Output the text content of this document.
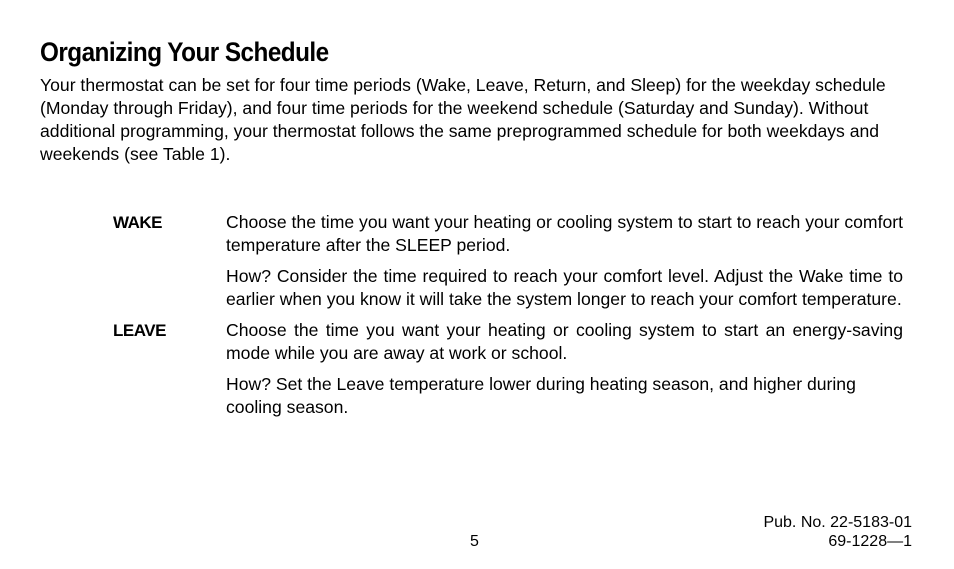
Organizing Your Schedule

Your thermostat can be set for four time periods (Wake, Leave, Return, and Sleep) for the weekday schedule (Monday through Friday), and four time periods for the weekend schedule (Saturday and Sunday). Without additional programming, your thermostat follows the same preprogrammed schedule for both weekdays and weekends (see Table 1).

WAKE	Choose the time you want your heating or cooling system to start to reach your comfort temperature after the SLEEP period.

How? Consider the time required to reach your comfort level. Adjust the Wake time to earlier when you know it will take the system longer to reach your comfort temperature.

LEAVE	Choose the time you want your heating or cooling system to start an energy-saving mode while you are away at work or school.

How? Set the Leave temperature lower during heating season, and higher during cooling season.

5
Pub. No. 22-5183-01
69-1228—1
